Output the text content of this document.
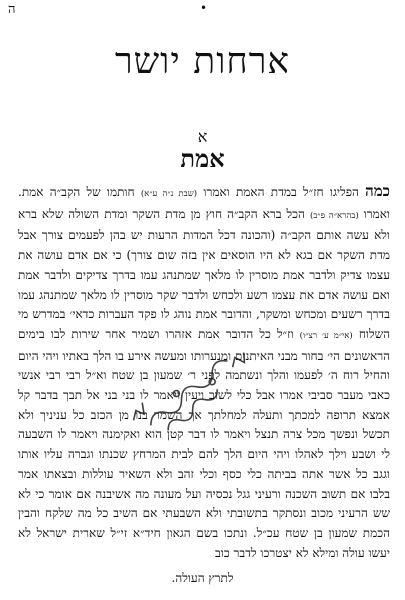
ה	•
ארחות יושר
א
אמת
כמה הפליגו חז״ל במדת האמת ואמרו (שבת נ״ה ע״א) חותמו של הקב״ה אמת. ואמרו (בהרא״ה פ״ב) הכל ברא הקב״ה חוץ מן מדת השקר ומדת השולה שלא ברא ולא עשה אותם הקב״ה (והכונה דכל המדות הרעות יש בהן לפעמים צורך אבל מדת השקר אם בגא לא היו הוסאים אין בזה שום צורך) כי אם אדם עושה את עצמו צדיק ולדבר אמת מוסרין לו מלאך שמתנהג עמו בדרך צדיקים ולדבר אמת ואם עושה אדם את עצמו רשע ולכחש ולדבר שקר מוסרין לו מלאך שמתנהג עמו בדרך רשעים ומכחש ומשקר, והדובר אמת נוהג לו פקד העברות כדאי׳ במדרש מי השלוח (אי״מ ע׳ רצ״ו) וז״ל כל הדובר אמת אזהרו ושמיר אחר שירות לבו בימים הראשונים הי׳ בחור מבני האיתנים ומנערותו ומעשה אירע בו הלך באתיו ויהי היום והחיל רוח ה׳ לפעמו והלך ונשתמה לפני ר׳ שמעון בן שטח וא״ל רבי רבי אנשי כאבי מעבר סביבי אמרו אבל כלי לשוב ויעין ויאמר לו בני בני אל תבך בדבר קל אמצא תרופה למכתך ותעלה למחלתך אך השמר בנו מן הכזב כל עניניך ולא תכשל ונפשך מכל צרה תנצל ויאמר לו דבר קטן הוא ואקימנה ויאמר לו השבעה לי ושבע וילך לאהלו ויהי היום הלך להם לבית המרחץ שכנתו וגברה עליו אותו וגגב כל אשר אתה בביתה כלי כסף וכלי זהב ולא השאיר עוללות ובצאתו אמר בלבו אם תשוב השכנה ורעיני גגל נכסיה ועל מעונה מה אשיבנה אם אומר כי לא שש הרעיני מכוב ונסתקר בתשובתי ולא השבעתי אם השיב כל מה שלקח והבין הכמת שמעון בן שטח עכ״ל. ונתכו בשם הגאון חיד״א זי״ל שארית ישראל לא יעשו עולה ומילא לא יצטרכו לדבר כוב
לתרץ העולה.
